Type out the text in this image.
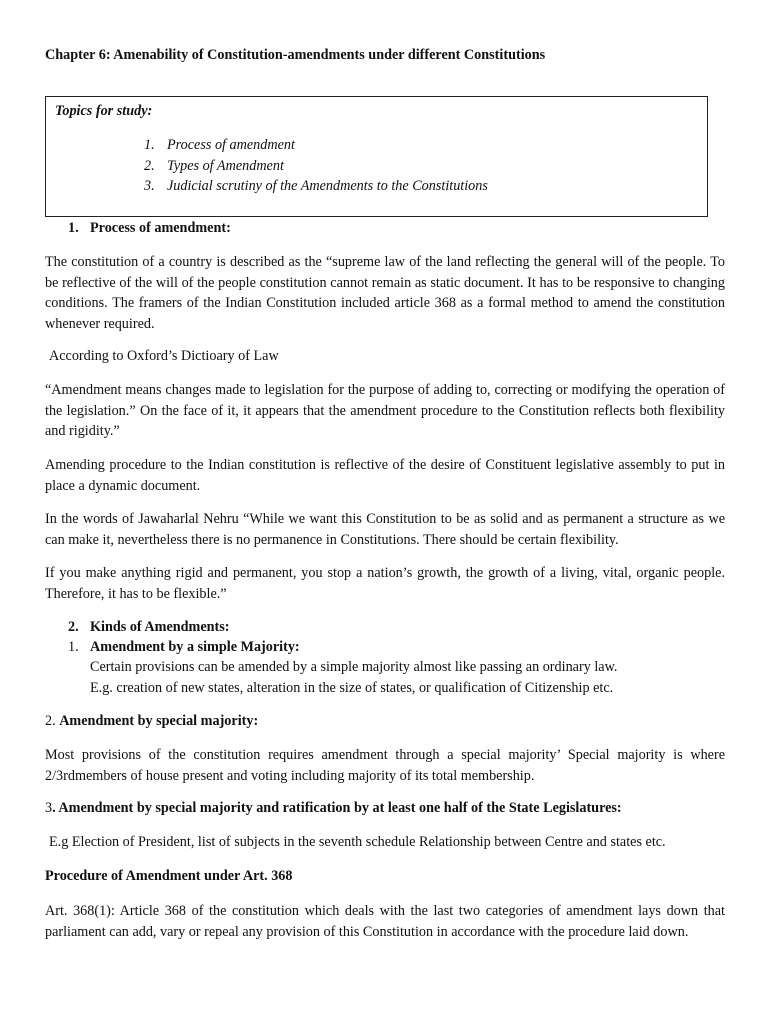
Chapter 6: Amenability of Constitution-amendments under different Constitutions
Topics for study:
1. Process of amendment
2. Types of Amendment
3. Judicial scrutiny of the Amendments to the Constitutions
1. Process of amendment:

The constitution of a country is described as the “supreme law of the land reflecting the general will of the people. To be reflective of the will of the people constitution cannot remain as static document. It has to be responsive to changing conditions. The framers of the Indian Constitution included article 368 as a formal method to amend the constitution whenever required.

According to Oxford’s Dictioary of Law

“Amendment means changes made to legislation for the purpose of adding to, correcting or modifying the operation of the legislation.” On the face of it, it appears that the amendment procedure to the Constitution reflects both flexibility and rigidity.”

Amending procedure to the Indian constitution is reflective of the desire of Constituent legislative assembly to put in place a dynamic document.

In the words of Jawaharlal Nehru “While we want this Constitution to be as solid and as permanent a structure as we can make it, nevertheless there is no permanence in Constitutions. There should be certain flexibility.

If you make anything rigid and permanent, you stop a nation’s growth, the growth of a living, vital, organic people. Therefore, it has to be flexible.”

2. Kinds of Amendments:
1. Amendment by a simple Majority:
Certain provisions can be amended by a simple majority almost like passing an ordinary law.
E.g. creation of new states, alteration in the size of states, or qualification of Citizenship etc.
2. Amendment by special majority:

Most provisions of the constitution requires amendment through a special majority’ Special majority is where 2/3rdmembers of house present and voting including majority of its total membership.

3. Amendment by special majority and ratification by at least one half of the State Legislatures:
E.g Election of President, list of subjects in the seventh schedule Relationship between Centre and states etc.
Procedure of Amendment under Art. 368

Art. 368(1): Article 368 of the constitution which deals with the last two categories of amendment lays down that parliament can add, vary or repeal any provision of this Constitution in accordance with the procedure laid down.
